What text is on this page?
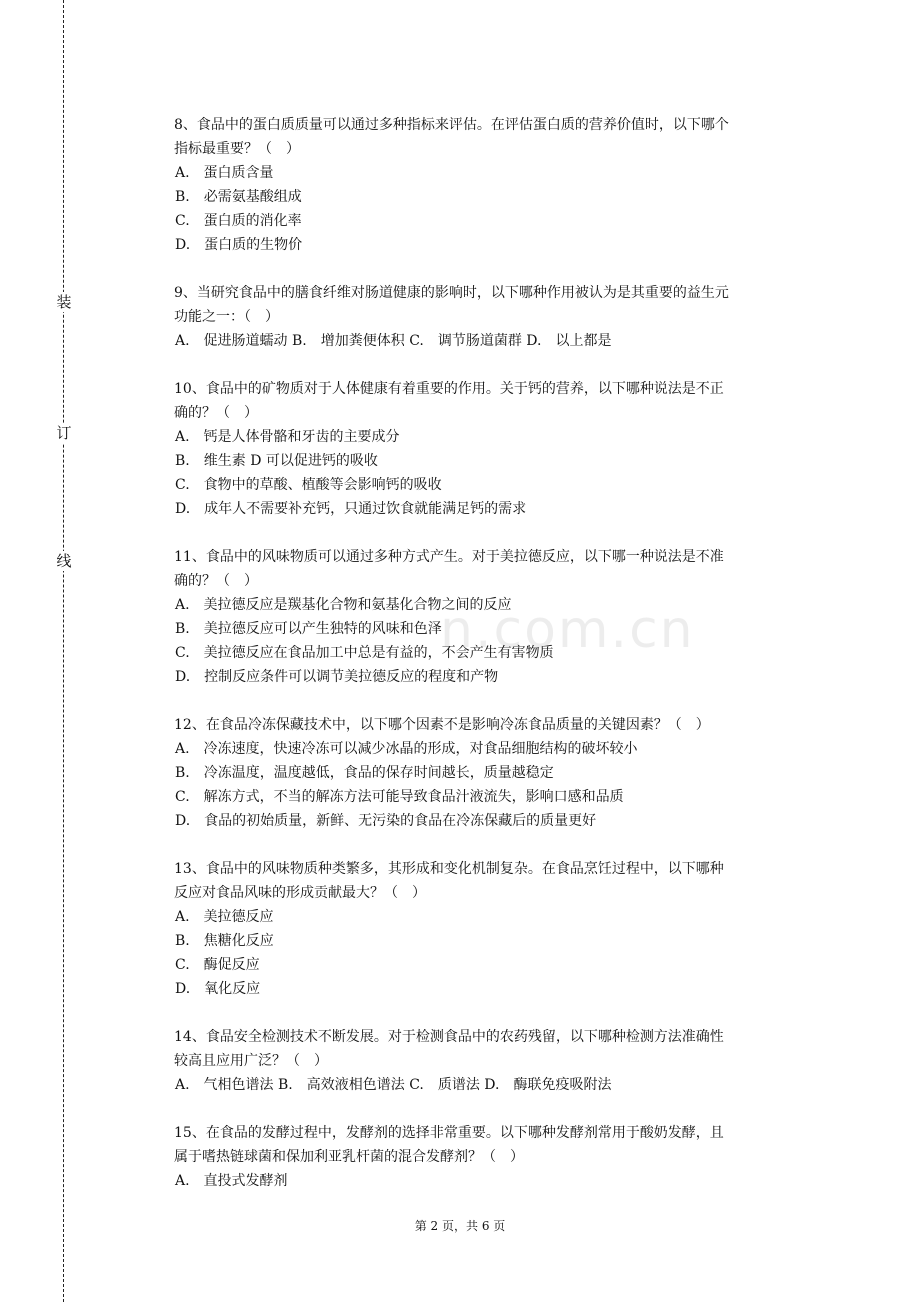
装
订
线
n.com.cn
8、食品中的蛋白质质量可以通过多种指标来评估。在评估蛋白质的营养价值时，以下哪个
指标最重要？（　）
A.　蛋白质含量
B.　必需氨基酸组成
C.　蛋白质的消化率
D.　蛋白质的生物价
9、当研究食品中的膳食纤维对肠道健康的影响时，以下哪种作用被认为是其重要的益生元
功能之一：（　）
A.　促进肠道蠕动 B.　增加粪便体积 C.　调节肠道菌群 D.　以上都是
10、食品中的矿物质对于人体健康有着重要的作用。关于钙的营养，以下哪种说法是不正
确的？（　）
A.　钙是人体骨骼和牙齿的主要成分
B.　维生素 D 可以促进钙的吸收
C.　食物中的草酸、植酸等会影响钙的吸收
D.　成年人不需要补充钙，只通过饮食就能满足钙的需求
11、食品中的风味物质可以通过多种方式产生。对于美拉德反应，以下哪一种说法是不准
确的？（　）
A.　美拉德反应是羰基化合物和氨基化合物之间的反应
B.　美拉德反应可以产生独特的风味和色泽
C.　美拉德反应在食品加工中总是有益的，不会产生有害物质
D.　控制反应条件可以调节美拉德反应的程度和产物
12、在食品冷冻保藏技术中，以下哪个因素不是影响冷冻食品质量的关键因素？（　）
A.　冷冻速度，快速冷冻可以减少冰晶的形成，对食品细胞结构的破坏较小
B.　冷冻温度，温度越低，食品的保存时间越长，质量越稳定
C.　解冻方式，不当的解冻方法可能导致食品汁液流失，影响口感和品质
D.　食品的初始质量，新鲜、无污染的食品在冷冻保藏后的质量更好
13、食品中的风味物质种类繁多，其形成和变化机制复杂。在食品烹饪过程中，以下哪种
反应对食品风味的形成贡献最大？（　）
A.　美拉德反应
B.　焦糖化反应
C.　酶促反应
D.　氧化反应
14、食品安全检测技术不断发展。对于检测食品中的农药残留，以下哪种检测方法准确性
较高且应用广泛？（　）
A.　气相色谱法 B.　高效液相色谱法 C.　质谱法 D.　酶联免疫吸附法
15、在食品的发酵过程中，发酵剂的选择非常重要。以下哪种发酵剂常用于酸奶发酵，且
属于嗜热链球菌和保加利亚乳杆菌的混合发酵剂？（　）
A.　直投式发酵剂
第 2 页，共 6 页
